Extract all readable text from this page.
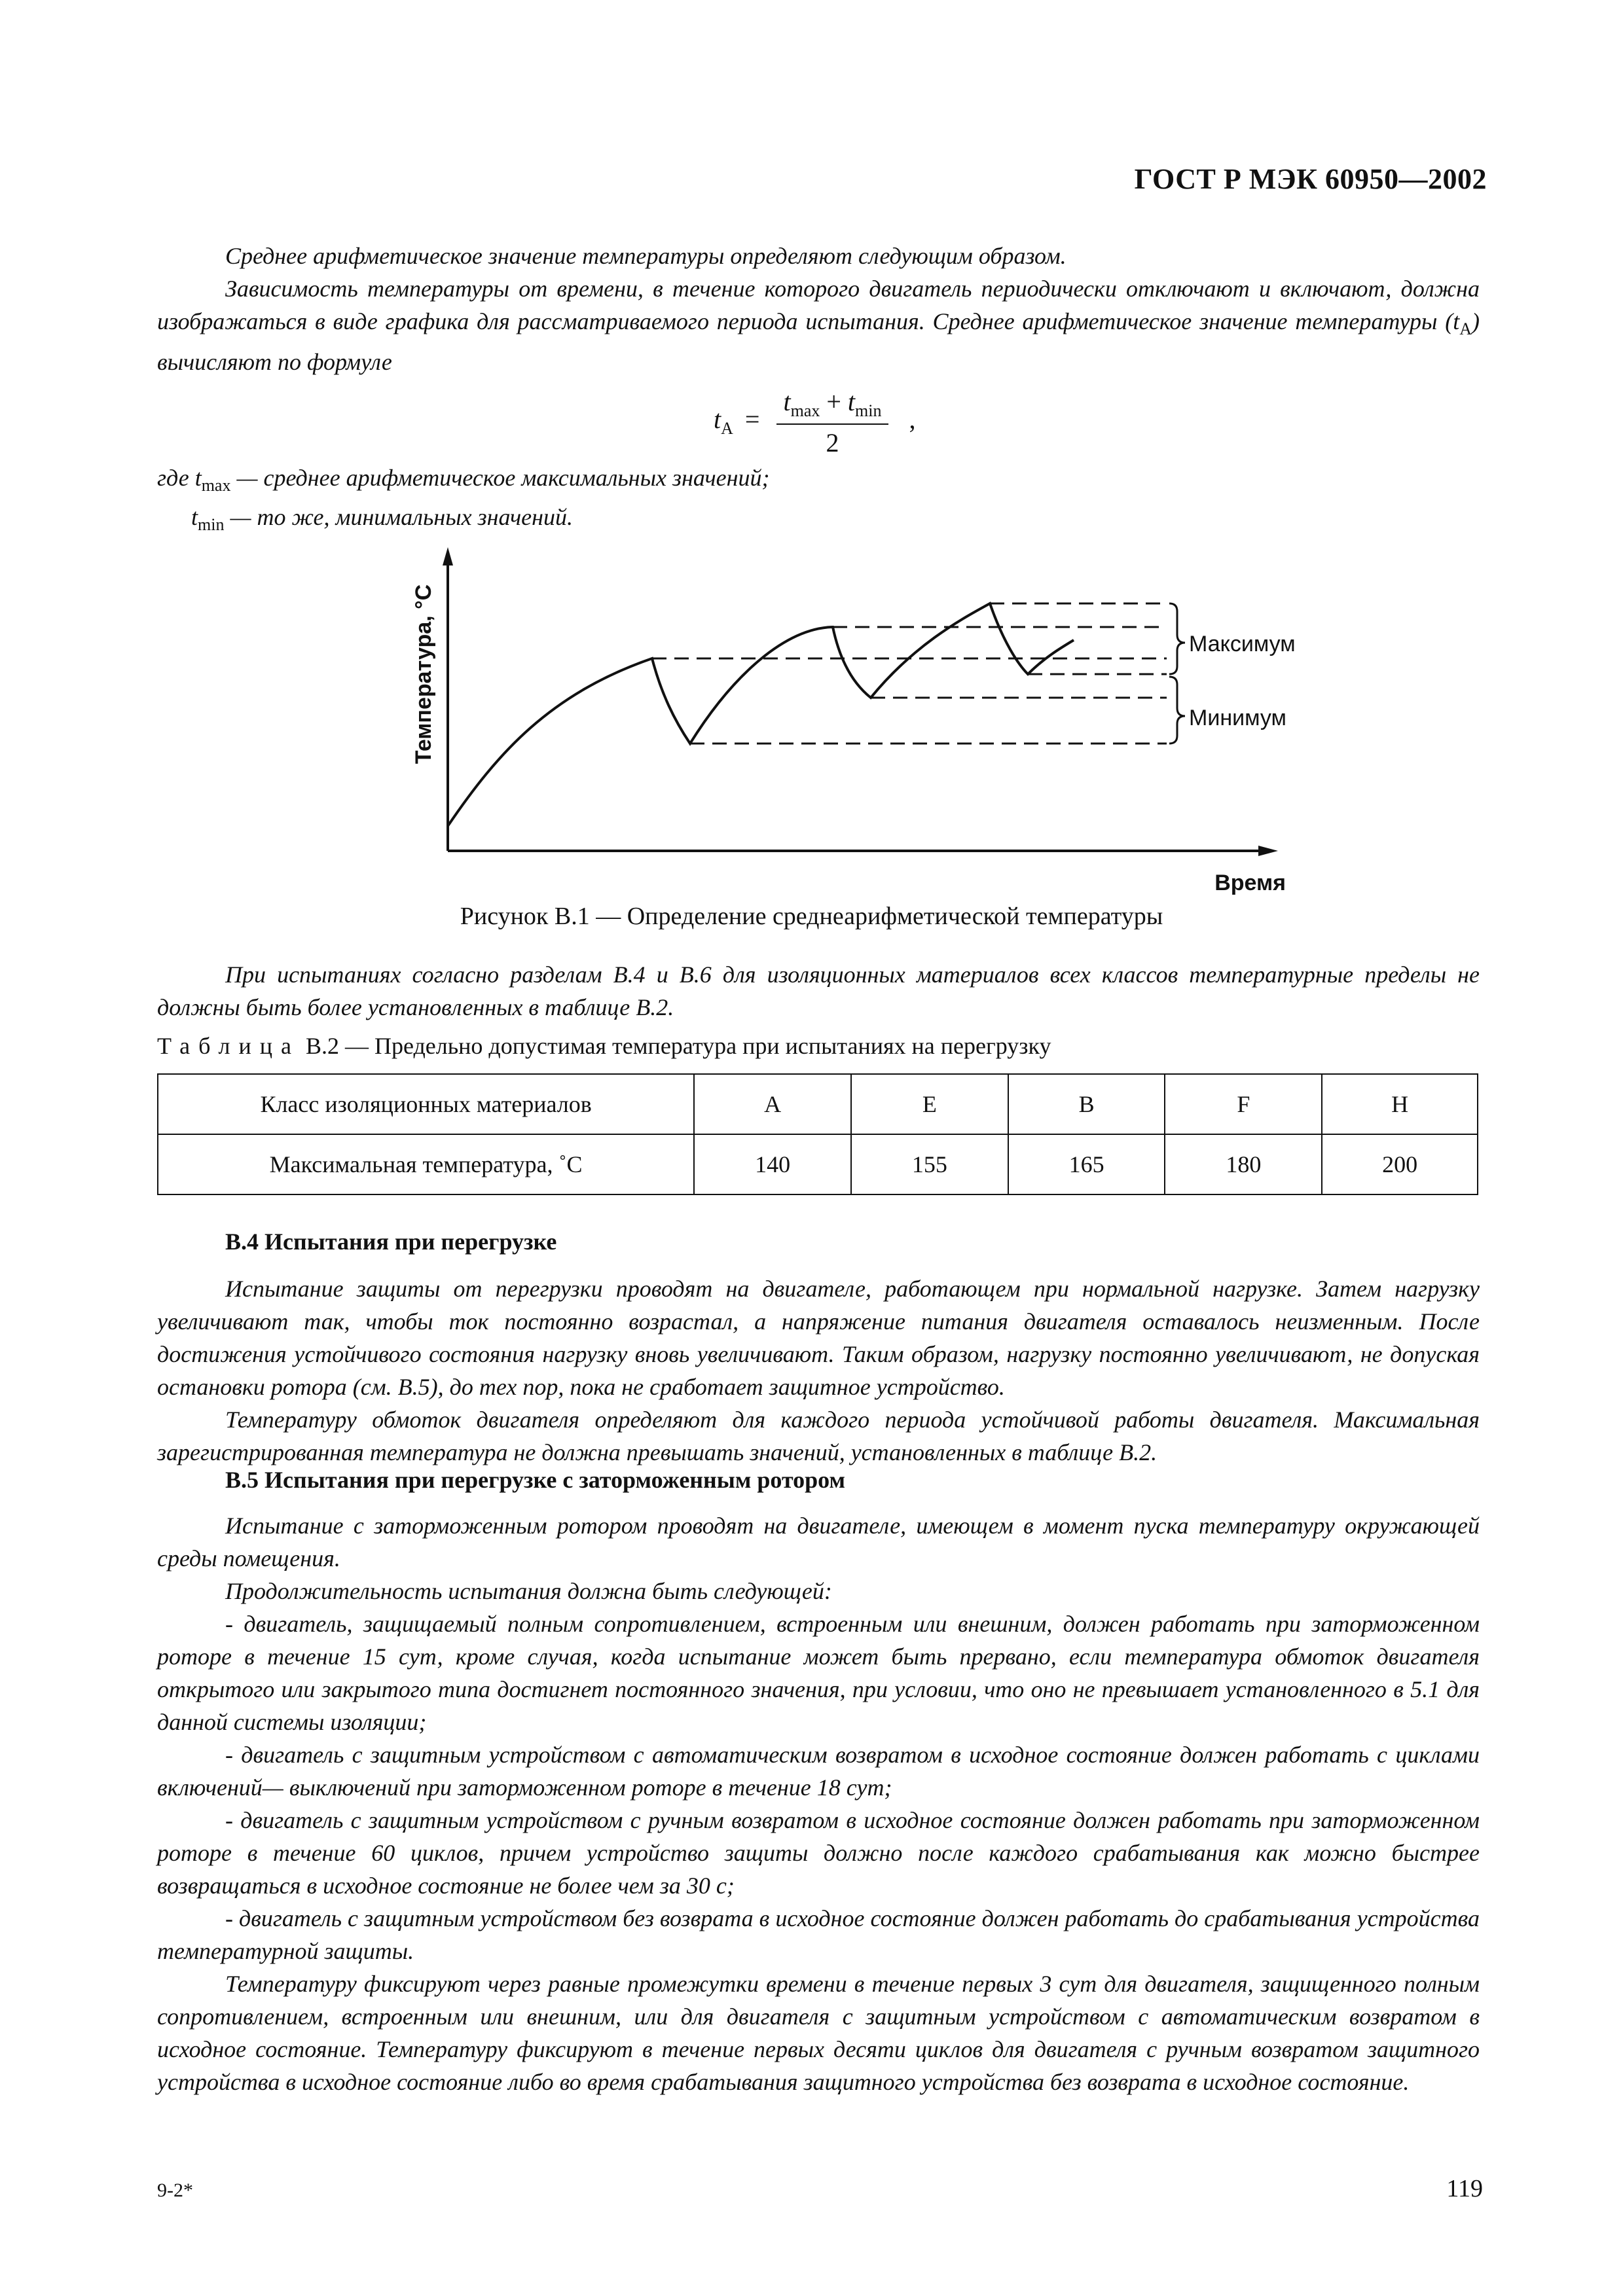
ГОСТ Р МЭК 60950—2002

Среднее арифметическое значение температуры определяют следующим образом.

Зависимость температуры от времени, в течение которого двигатель периодически отключают и включают, должна изображаться в виде графика для рассматриваемого периода испытания. Среднее арифметическое значение температуры $(t_A)$ вычисляют по формуле

$t_A = \frac{t_{max} + t_{min}}{2}$ ,
где $t_{max}$ — среднее арифметическое максимальных значений;
$t_{min}$ — то же, минимальных значений.
Максимум
Минимум
Время
Температура, °С
Рисунок В.1 — Определение среднеарифметической температуры

При испытаниях согласно разделам В.4 и В.6 для изоляционных материалов всех классов температурные пределы не должны быть более установленных в таблице В.2.

Таблица В.2 — Предельно допустимая температура при испытаниях на перегрузку
Класс изоляционных материалов	A	E	B	F	H
Максимальная температура, ˚С	140	155	165	180	200
В.4 Испытания при перегрузке

Испытание защиты от перегрузки проводят на двигателе, работающем при нормальной нагрузке. Затем нагрузку увеличивают так, чтобы ток постоянно возрастал, а напряжение питания двигателя оставалось неизменным. После достижения устойчивого состояния нагрузку вновь увеличивают. Таким образом, нагрузку постоянно увеличивают, не допуская остановки ротора (см. В.5), до тех пор, пока не сработает защитное устройство.

Температуру обмоток двигателя определяют для каждого периода устойчивой работы двигателя. Максимальная зарегистрированная температура не должна превышать значений, установленных в таблице В.2.

В.5 Испытания при перегрузке с заторможенным ротором

Испытание с заторможенным ротором проводят на двигателе, имеющем в момент пуска температуру окружающей среды помещения.

Продолжительность испытания должна быть следующей:

- двигатель, защищаемый полным сопротивлением, встроенным или внешним, должен работать при заторможенном роторе в течение 15 сут, кроме случая, когда испытание может быть прервано, если температура обмоток двигателя открытого или закрытого типа достигнет постоянного значения, при условии, что оно не превышает установленного в 5.1 для данной системы изоляции;

- двигатель с защитным устройством с автоматическим возвратом в исходное состояние должен работать с циклами включений— выключений при заторможенном роторе в течение 18 сут;

- двигатель с защитным устройством с ручным возвратом в исходное состояние должен работать при заторможенном роторе в течение 60 циклов, причем устройство защиты должно после каждого срабатывания как можно быстрее возвращаться в исходное состояние не более чем за 30 с;

- двигатель с защитным устройством без возврата в исходное состояние должен работать до срабатывания устройства температурной защиты.

Температуру фиксируют через равные промежутки времени в течение первых 3 сут для двигателя, защищенного полным сопротивлением, встроенным или внешним, или для двигателя с защитным устройством с автоматическим возвратом в исходное состояние. Температуру фиксируют в течение первых десяти циклов для двигателя с ручным возвратом защитного устройства в исходное состояние либо во время срабатывания защитного устройства без возврата в исходное состояние.

9-2*	119
